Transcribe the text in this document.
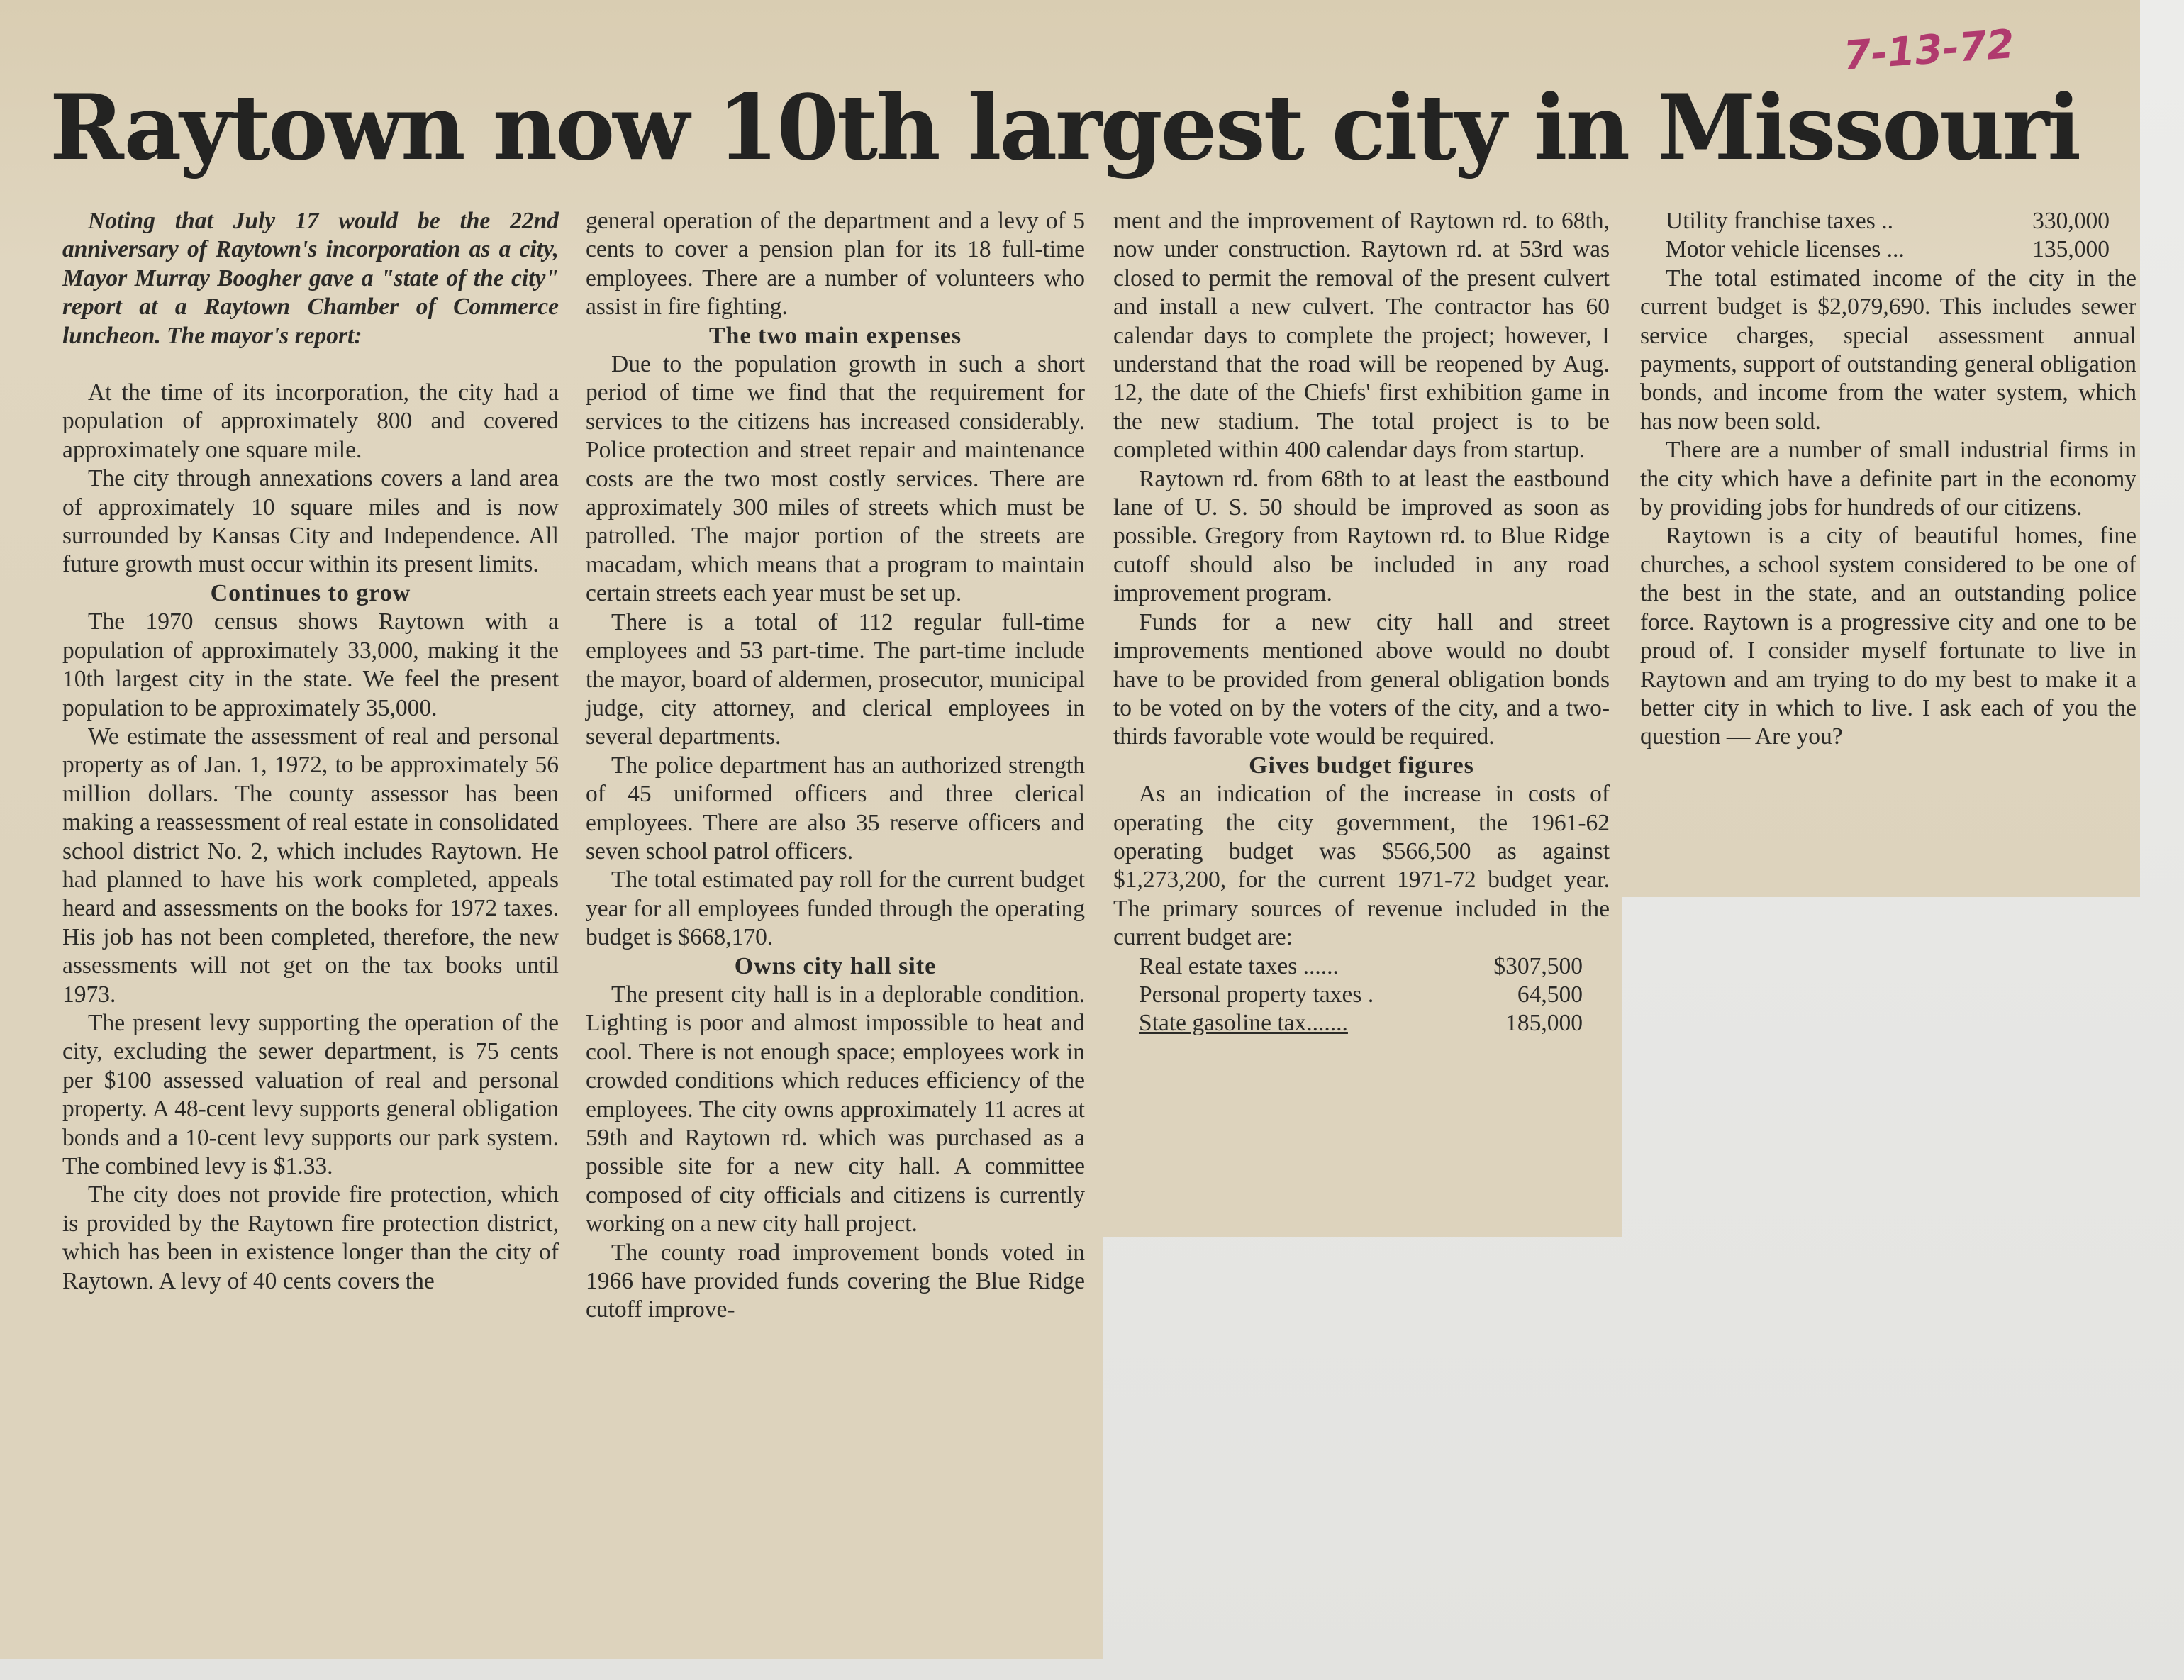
7-13-72
Raytown now 10th largest city in Missouri

Noting that July 17 would be the 22nd anniversary of Raytown's incorporation as a city, Mayor Murray Boogher gave a "state of the city" report at a Raytown Chamber of Commerce luncheon. The mayor's report:

At the time of its incorporation, the city had a population of approximately 800 and covered approximately one square mile.

The city through annexations covers a land area of approximately 10 square miles and is now surrounded by Kansas City and Independence. All future growth must occur within its present limits.

Continues to grow

The 1970 census shows Raytown with a population of approximately 33,000, making it the 10th largest city in the state. We feel the present population to be approximately 35,000.

We estimate the assessment of real and personal property as of Jan. 1, 1972, to be approximately 56 million dollars. The county assessor has been making a reassessment of real estate in consolidated school district No. 2, which includes Raytown. He had planned to have his work completed, appeals heard and assessments on the books for 1972 taxes. His job has not been completed, therefore, the new assessments will not get on the tax books until 1973.

The present levy supporting the operation of the city, excluding the sewer department, is 75 cents per $100 assessed valuation of real and personal property. A 48-cent levy supports general obligation bonds and a 10-cent levy supports our park system. The combined levy is $1.33.

The city does not provide fire protection, which is provided by the Raytown fire protection district, which has been in existence longer than the city of Raytown. A levy of 40 cents covers the

general operation of the department and a levy of 5 cents to cover a pension plan for its 18 full-time employees. There are a number of volunteers who assist in fire fighting.

The two main expenses

Due to the population growth in such a short period of time we find that the requirement for services to the citizens has increased considerably. Police protection and street repair and maintenance costs are the two most costly services. There are approximately 300 miles of streets which must be patrolled. The major portion of the streets are macadam, which means that a program to maintain certain streets each year must be set up.

There is a total of 112 regular full-time employees and 53 part-time. The part-time include the mayor, board of aldermen, prosecutor, municipal judge, city attorney, and clerical employees in several departments.

The police department has an authorized strength of 45 uniformed officers and three clerical employees. There are also 35 reserve officers and seven school patrol officers.

The total estimated pay roll for the current budget year for all employees funded through the operating budget is $668,170.

Owns city hall site

The present city hall is in a deplorable condition. Lighting is poor and almost impossible to heat and cool. There is not enough space; employees work in crowded conditions which reduces efficiency of the employees. The city owns approximately 11 acres at 59th and Raytown rd. which was purchased as a possible site for a new city hall. A committee composed of city officials and citizens is currently working on a new city hall project.

The county road improvement bonds voted in 1966 have provided funds covering the Blue Ridge cutoff improve-

ment and the improvement of Raytown rd. to 68th, now under construction. Raytown rd. at 53rd was closed to permit the removal of the present culvert and install a new culvert. The contractor has 60 calendar days to complete the project; however, I understand that the road will be reopened by Aug. 12, the date of the Chiefs' first exhibition game in the new stadium. The total project is to be completed within 400 calendar days from startup.

Raytown rd. from 68th to at least the eastbound lane of U. S. 50 should be improved as soon as possible. Gregory from Raytown rd. to Blue Ridge cutoff should also be included in any road improvement program.

Funds for a new city hall and street improvements mentioned above would no doubt have to be provided from general obligation bonds to be voted on by the voters of the city, and a two-thirds favorable vote would be required.

Gives budget figures

As an indication of the increase in costs of operating the city government, the 1961-62 operating budget was $566,500 as against $1,273,200, for the current 1971-72 budget year. The primary sources of revenue included in the current budget are:

Real estate taxes ......	$307,500
Personal property taxes .	64,500
State gasoline tax.......	185,000
Utility franchise taxes ..	330,000
Motor vehicle licenses ...	135,000

The total estimated income of the city in the current budget is $2,079,690. This includes sewer service charges, special assessment annual payments, support of outstanding general obligation bonds, and income from the water system, which has now been sold.

There are a number of small industrial firms in the city which have a definite part in the economy by providing jobs for hundreds of our citizens.

Raytown is a city of beautiful homes, fine churches, a school system considered to be one of the best in the state, and an outstanding police force. Raytown is a progressive city and one to be proud of. I consider myself fortunate to live in Raytown and am trying to do my best to make it a better city in which to live. I ask each of you the question — Are you?
